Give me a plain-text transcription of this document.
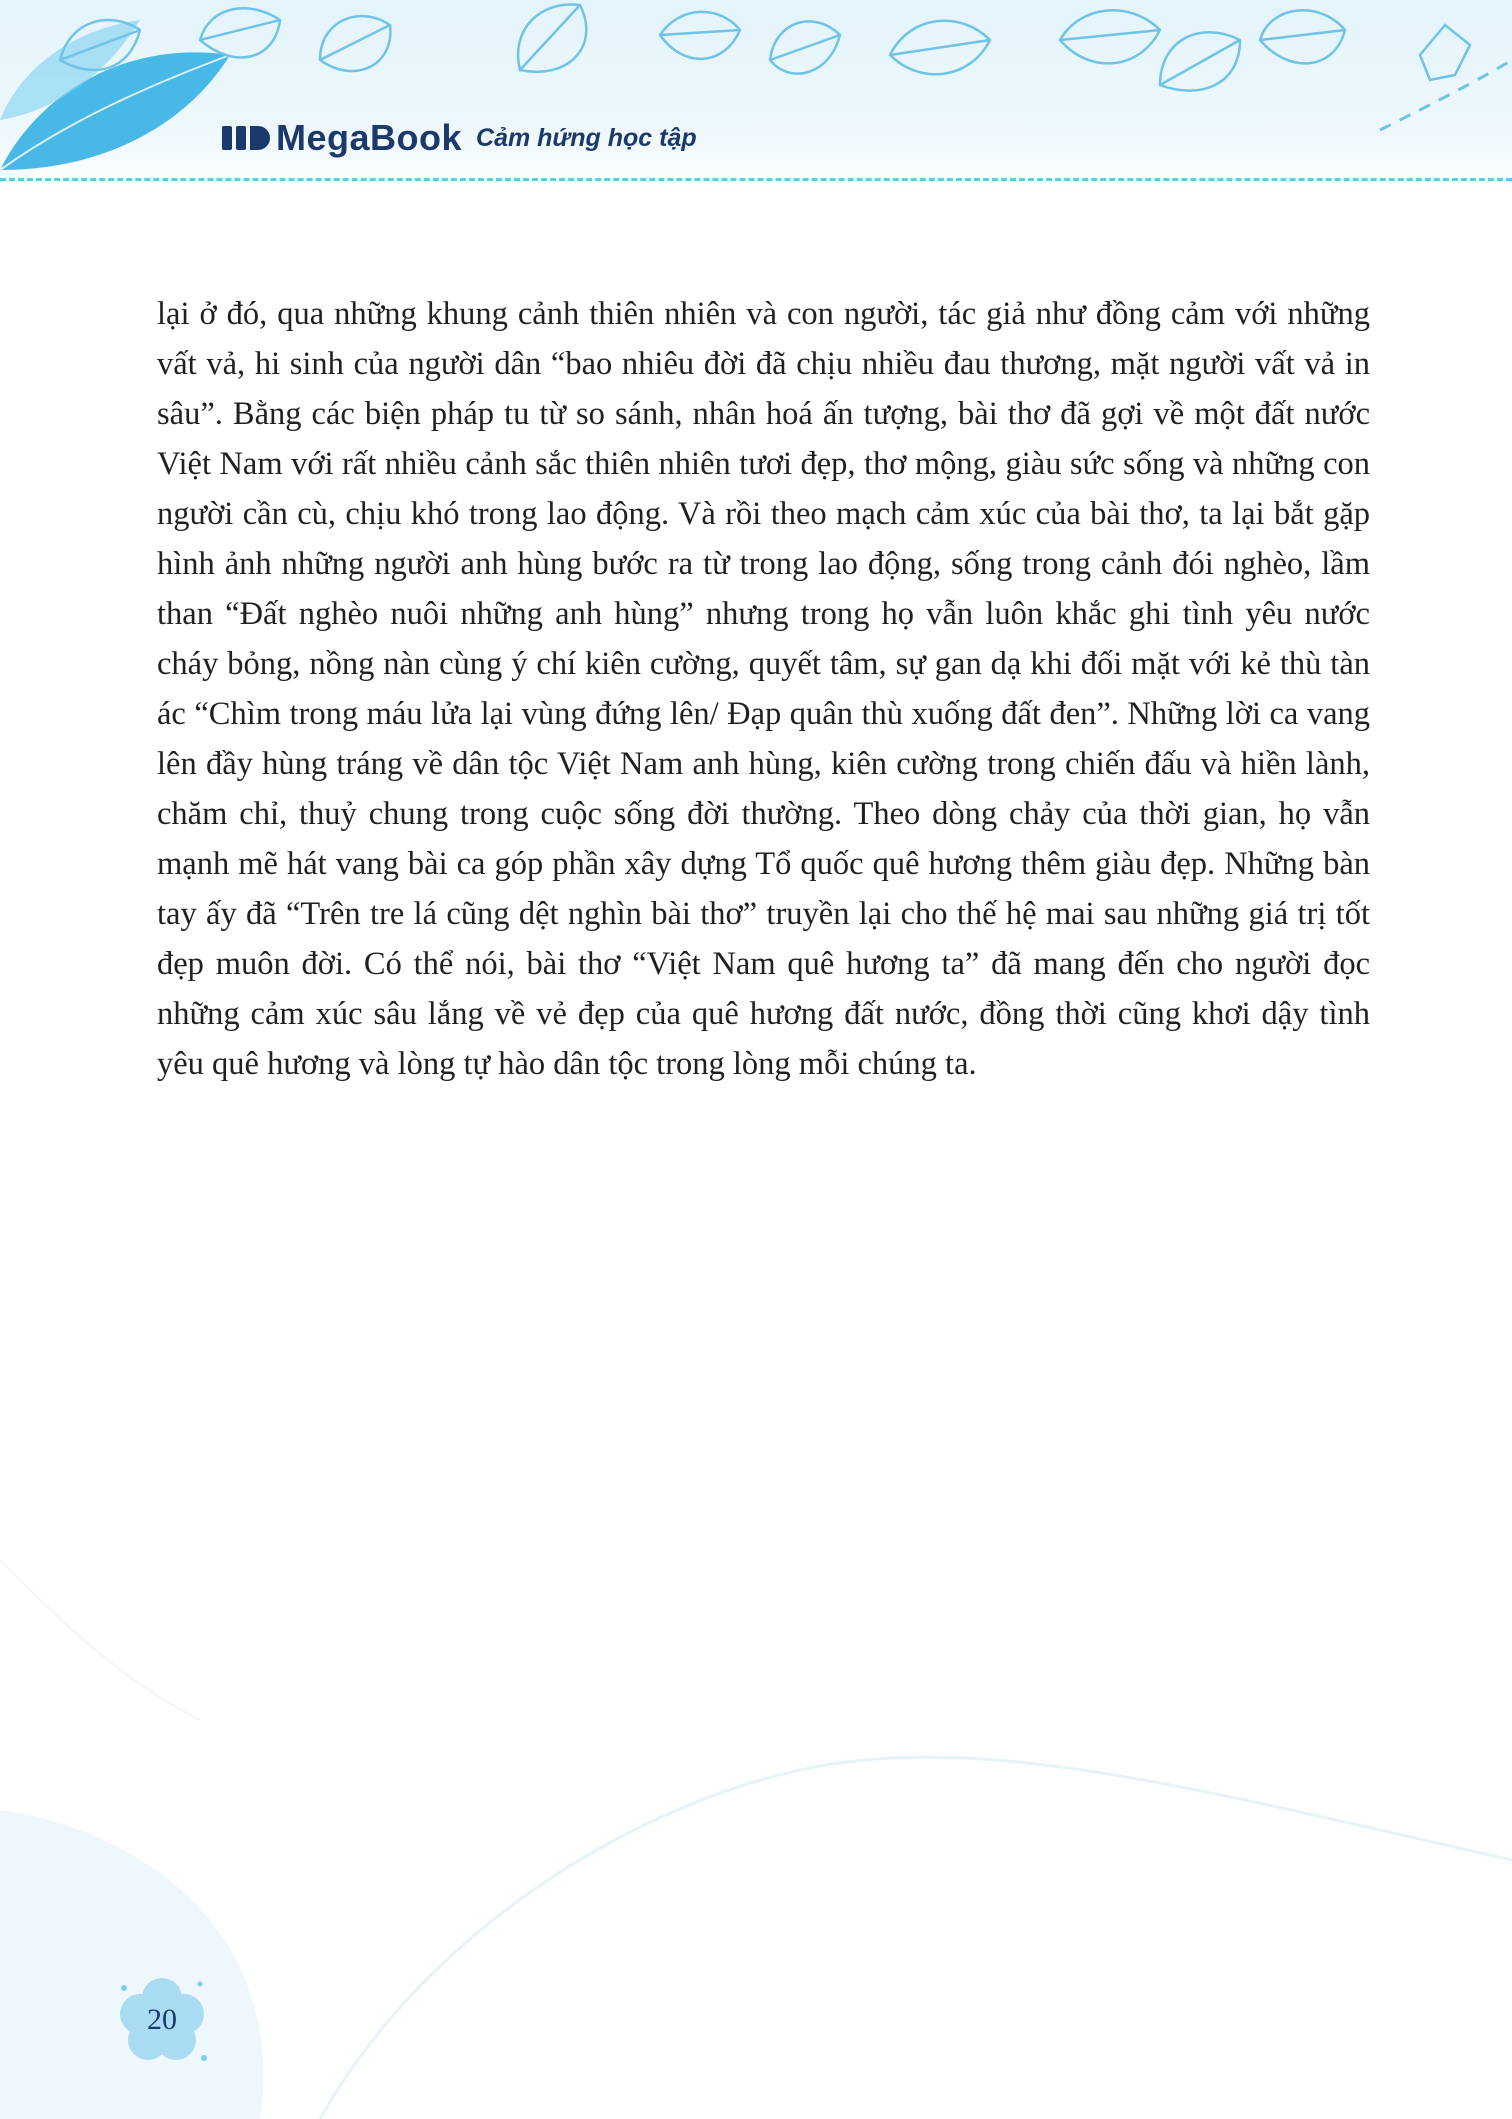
MegaBook Cảm hứng học tập

lại ở đó, qua những khung cảnh thiên nhiên và con người, tác giả như đồng cảm với những vất vả, hi sinh của người dân “bao nhiêu đời đã chịu nhiều đau thương, mặt người vất vả in sâu”. Bằng các biện pháp tu từ so sánh, nhân hoá ấn tượng, bài thơ đã gợi về một đất nước Việt Nam với rất nhiều cảnh sắc thiên nhiên tươi đẹp, thơ mộng, giàu sức sống và những con người cần cù, chịu khó trong lao động. Và rồi theo mạch cảm xúc của bài thơ, ta lại bắt gặp hình ảnh những người anh hùng bước ra từ trong lao động, sống trong cảnh đói nghèo, lầm than “Đất nghèo nuôi những anh hùng” nhưng trong họ vẫn luôn khắc ghi tình yêu nước cháy bỏng, nồng nàn cùng ý chí kiên cường, quyết tâm, sự gan dạ khi đối mặt với kẻ thù tàn ác “Chìm trong máu lửa lại vùng đứng lên/ Đạp quân thù xuống đất đen”. Những lời ca vang lên đầy hùng tráng về dân tộc Việt Nam anh hùng, kiên cường trong chiến đấu và hiền lành, chăm chỉ, thuỷ chung trong cuộc sống đời thường. Theo dòng chảy của thời gian, họ vẫn mạnh mẽ hát vang bài ca góp phần xây dựng Tổ quốc quê hương thêm giàu đẹp. Những bàn tay ấy đã “Trên tre lá cũng dệt nghìn bài thơ” truyền lại cho thế hệ mai sau những giá trị tốt đẹp muôn đời. Có thể nói, bài thơ “Việt Nam quê hương ta” đã mang đến cho người đọc những cảm xúc sâu lắng về vẻ đẹp của quê hương đất nước, đồng thời cũng khơi dậy tình yêu quê hương và lòng tự hào dân tộc trong lòng mỗi chúng ta.

20
